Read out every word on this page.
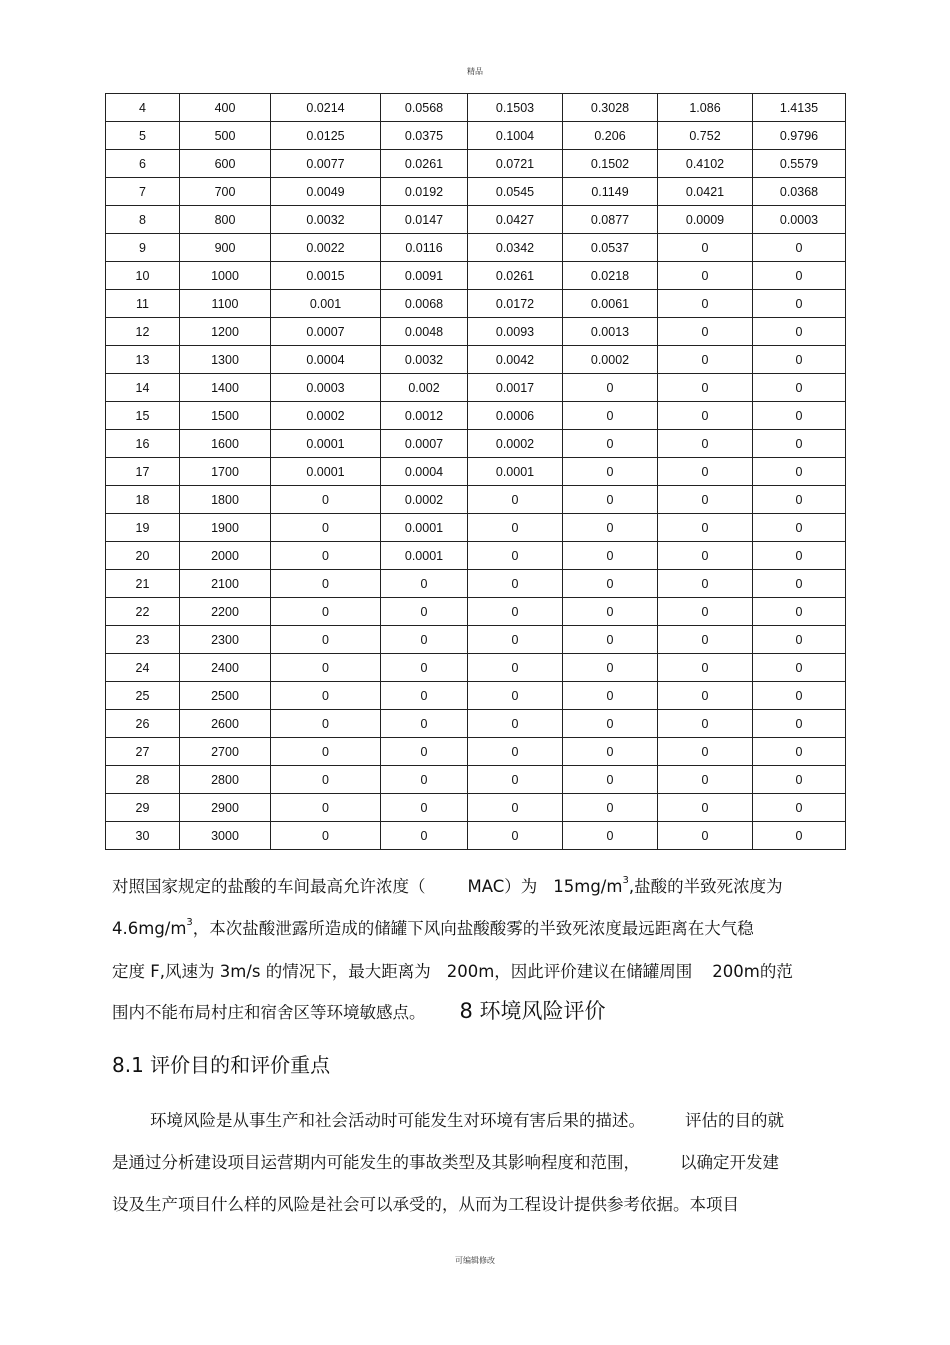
精品
4	400	0.0214	0.0568	0.1503	0.3028	1.086	1.4135
5	500	0.0125	0.0375	0.1004	0.206	0.752	0.9796
6	600	0.0077	0.0261	0.0721	0.1502	0.4102	0.5579
7	700	0.0049	0.0192	0.0545	0.1149	0.0421	0.0368
8	800	0.0032	0.0147	0.0427	0.0877	0.0009	0.0003
9	900	0.0022	0.0116	0.0342	0.0537	0	0
10	1000	0.0015	0.0091	0.0261	0.0218	0	0
11	1100	0.001	0.0068	0.0172	0.0061	0	0
12	1200	0.0007	0.0048	0.0093	0.0013	0	0
13	1300	0.0004	0.0032	0.0042	0.0002	0	0
14	1400	0.0003	0.002	0.0017	0	0	0
15	1500	0.0002	0.0012	0.0006	0	0	0
16	1600	0.0001	0.0007	0.0002	0	0	0
17	1700	0.0001	0.0004	0.0001	0	0	0
18	1800	0	0.0002	0	0	0	0
19	1900	0	0.0001	0	0	0	0
20	2000	0	0.0001	0	0	0	0
21	2100	0	0	0	0	0	0
22	2200	0	0	0	0	0	0
23	2300	0	0	0	0	0	0
24	2400	0	0	0	0	0	0
25	2500	0	0	0	0	0	0
26	2600	0	0	0	0	0	0
27	2700	0	0	0	0	0	0
28	2800	0	0	0	0	0	0
29	2900	0	0	0	0	0	0
30	3000	0	0	0	0	0	0
对照国家规定的盐酸的车间最高允许浓度（	MAC）为 $15mg/m^3$,盐酸的半致死浓度为
$4.6mg/m^3$，本次盐酸泄露所造成的储罐下风向盐酸酸雾的半致死浓度最远距离在大气稳
定度 F,风速为 3m/s 的情况下，最大距离为 200m，因此评价建议在储罐周围 200m的范
围内不能布局村庄和宿舍区等环境敏感点。 8 环境风险评价
8.1 评价目的和评价重点
环境风险是从事生产和社会活动时可能发生对环境有害后果的描述。 评估的目的就
是通过分析建设项目运营期内可能发生的事故类型及其影响程度和范围， 以确定开发建
设及生产项目什么样的风险是社会可以承受的，从而为工程设计提供参考依据。本项目
可编辑修改
